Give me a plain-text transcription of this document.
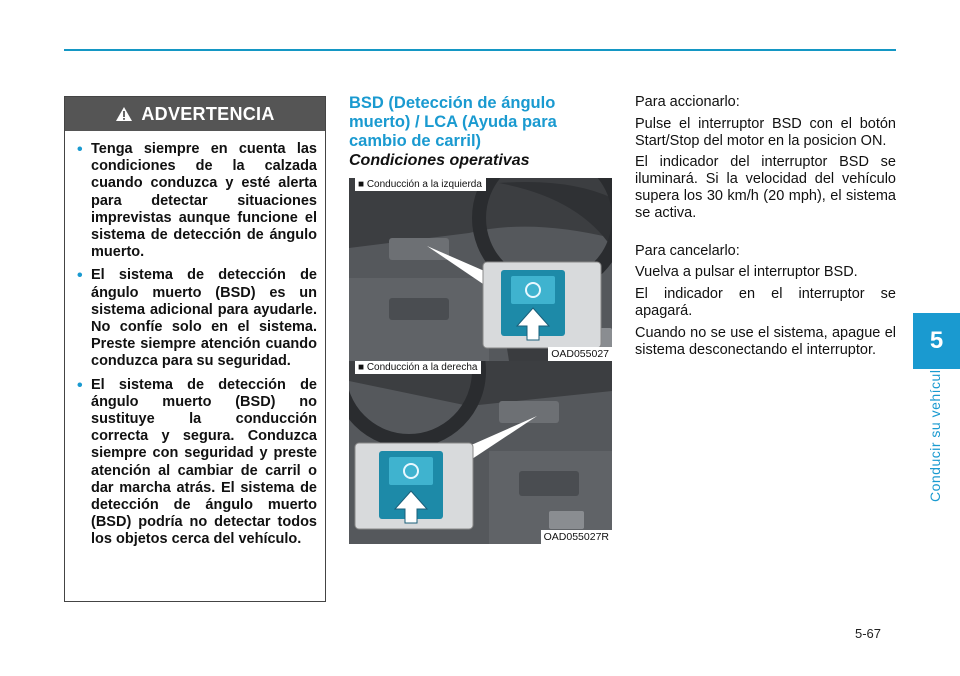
5
Conducir su vehículo
ADVERTENCIA
• Tenga siempre en cuenta las condiciones de la calzada cuando conduzca y esté alerta para detectar situaciones imprevistas aunque funcione el sistema de detección de ángulo muerto.
• El sistema de detección de ángulo muerto (BSD) es un sistema adicional para ayudarle. No confíe solo en el sistema. Preste siempre atención cuando conduzca para su seguridad.
• El sistema de detección de ángulo muerto (BSD) no sustituye la conducción correcta y segura. Conduzca siempre con seguridad y preste atención al cambiar de carril o dar marcha atrás. El sistema de detección de ángulo muerto (BSD) podría no detectar todos los objetos cerca del vehículo.
BSD (Detección de ángulo muerto) / LCA (Ayuda para cambio de carril)
Condiciones operativas
■ Conducción a la izquierda
OAD055027
■ Conducción a la derecha
OAD055027R

Para accionarlo:

Pulse el interruptor BSD con el botón Start/Stop del motor en la posicion ON.

El indicador del interruptor BSD se iluminará. Si la velocidad del vehículo supera los 30 km/h (20 mph), el sistema se activa.

Para cancelarlo:

Vuelva a pulsar el interruptor BSD.

El indicador en el interruptor se apagará.

Cuando no se use el sistema, apague el sistema desconectando el interruptor.

5-67
